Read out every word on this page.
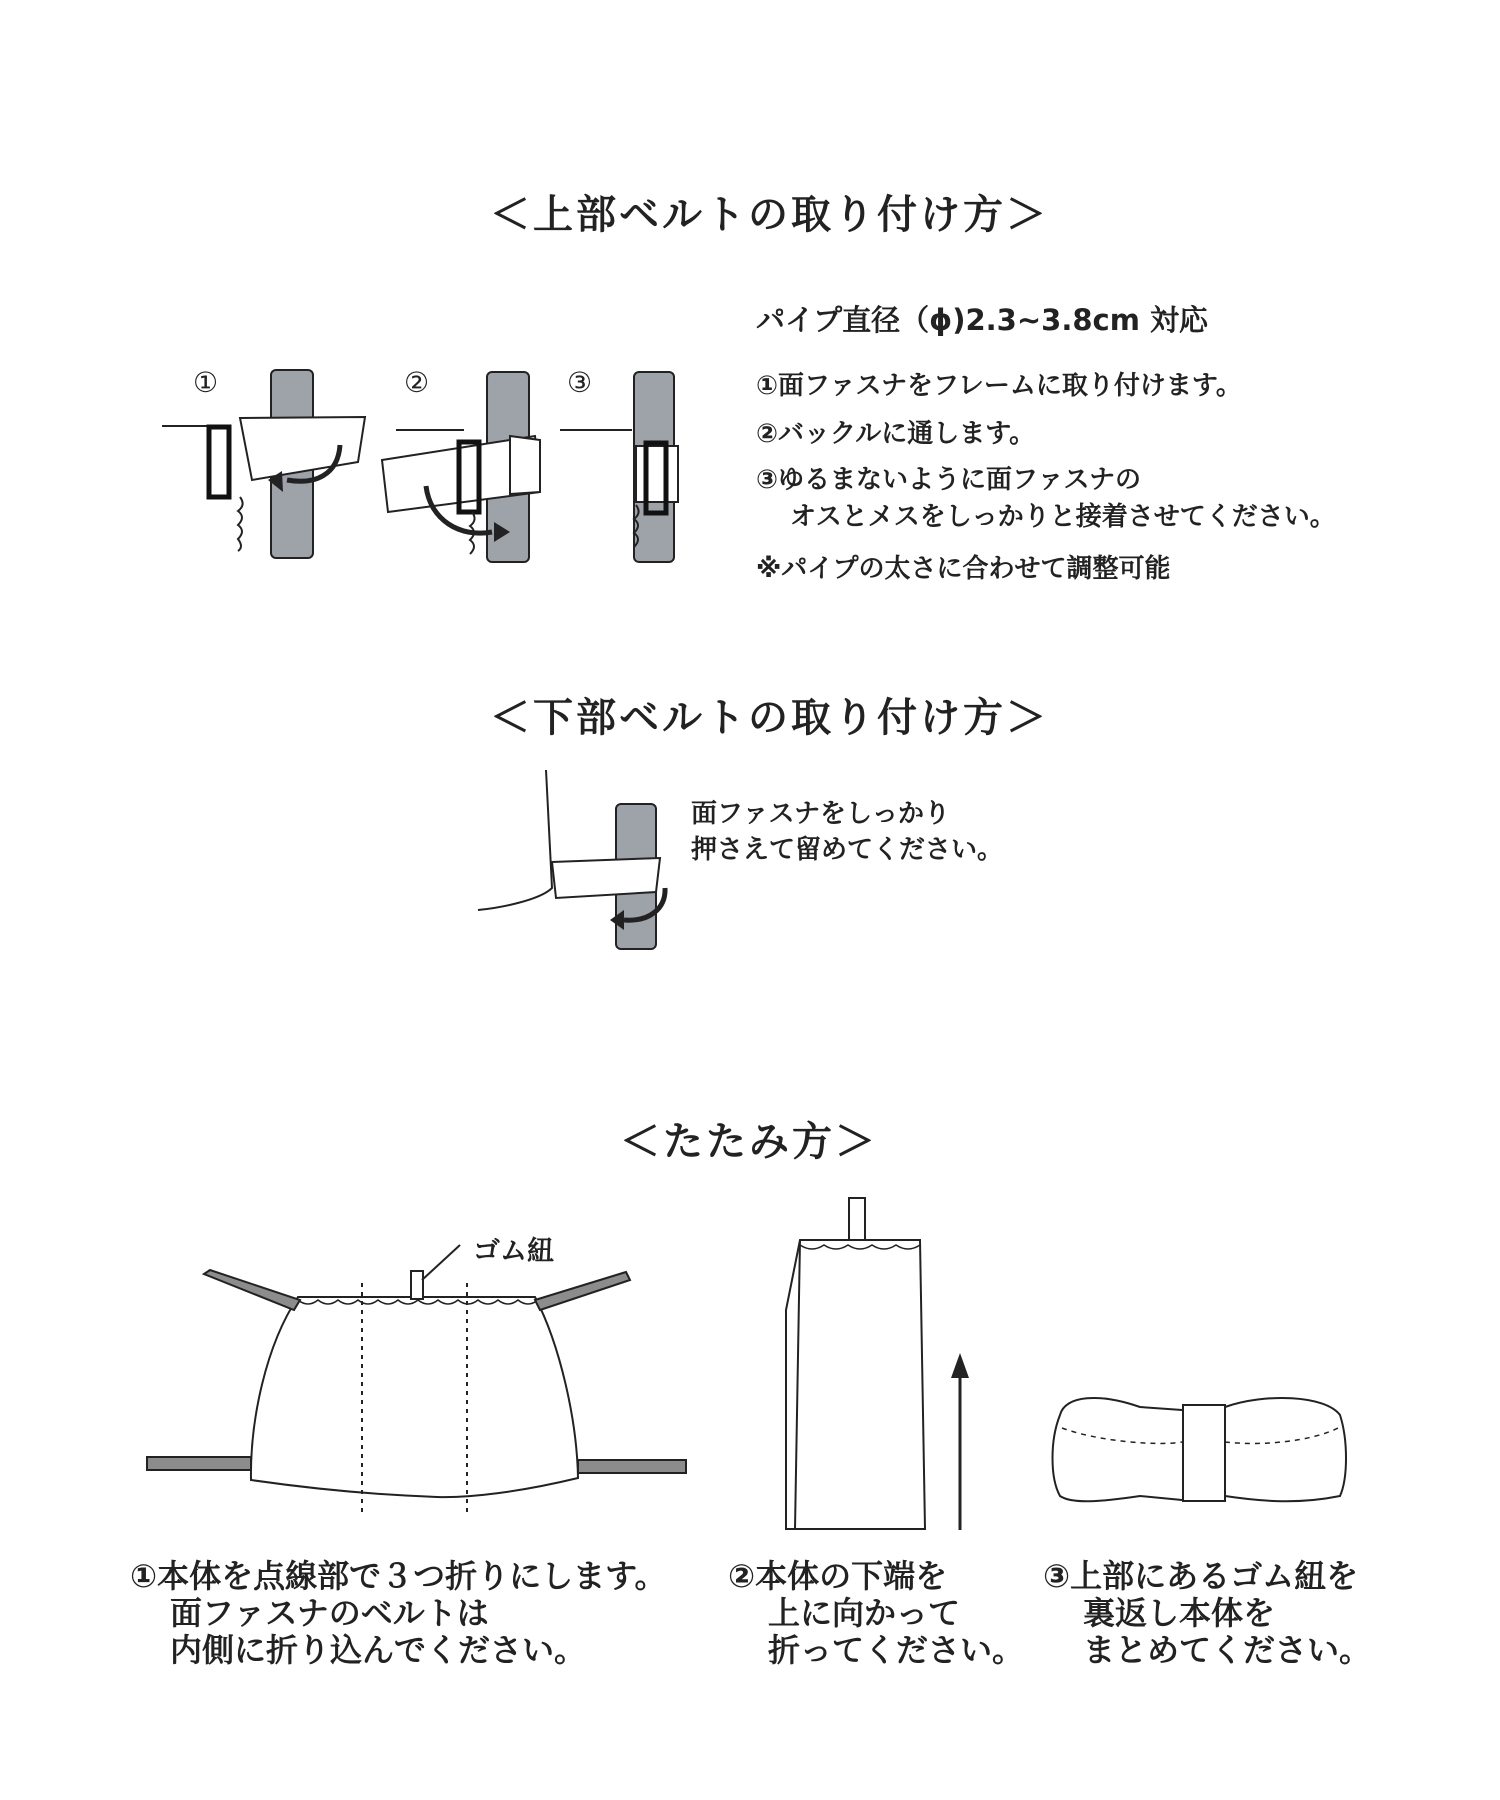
＜上部ベルトの取り付け方＞
①	②	③
パイプ直径（ϕ)2.3~3.8cm 対応
①面ファスナをフレームに取り付けます。
②バックルに通します。
③ゆるまないように面ファスナの
オスとメスをしっかりと接着させてください。
※パイプの太さに合わせて調整可能
＜下部ベルトの取り付け方＞
面ファスナをしっかり
押さえて留めてください。
＜たたみ方＞
ゴム紐
①本体を点線部で３つ折りにします。
面ファスナのベルトは
内側に折り込んでください。
②本体の下端を
上に向かって
折ってください。
③上部にあるゴム紐を
裏返し本体を
まとめてください。
